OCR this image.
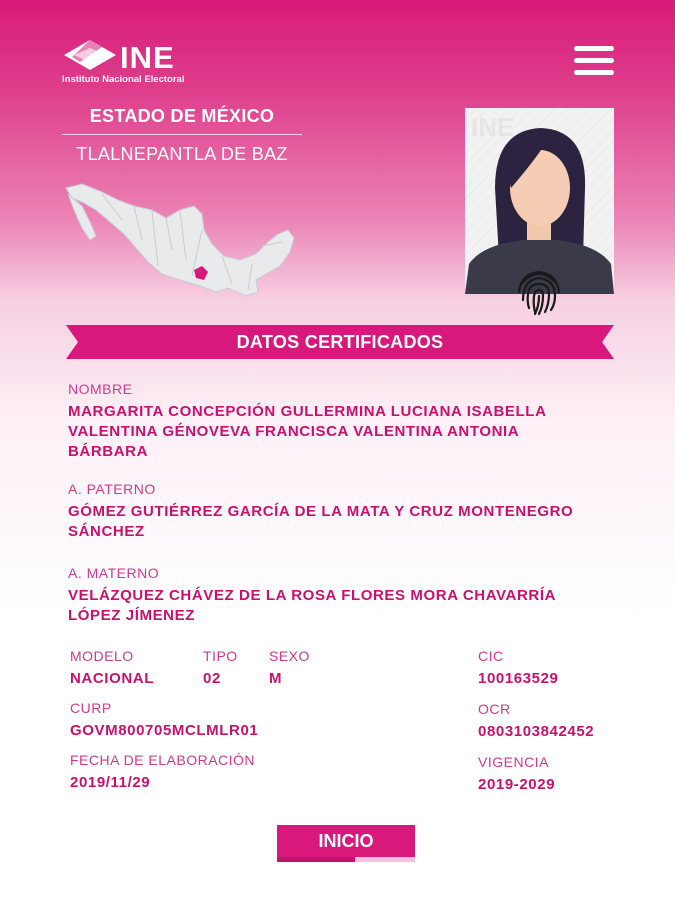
INE
Instituto Nacional Electoral
ESTADO DE MÉXICO
TLALNEPANTLA DE BAZ
INE
DATOS CERTIFICADOS
NOMBRE
MARGARITA CONCEPCIÓN GULLERMINA LUCIANA ISABELLA
VALENTINA GÉNOVEVA FRANCISCA VALENTINA ANTONIA
BÁRBARA
A. PATERNO
GÓMEZ GUTIÉRREZ GARCÍA DE LA MATA Y CRUZ MONTENEGRO
SÁNCHEZ
A. MATERNO
VELÁZQUEZ CHÁVEZ DE LA ROSA FLORES MORA CHAVARRÍA
LÓPEZ JÍMENEZ
MODELO
NACIONAL
TIPO
02
SEXO
M
CIC
100163529
CURP
GOVM800705MCLMLR01
OCR
0803103842452
FECHA DE ELABORACIÓN
2019/11/29
VIGENCIA
2019-2029
INICIO
